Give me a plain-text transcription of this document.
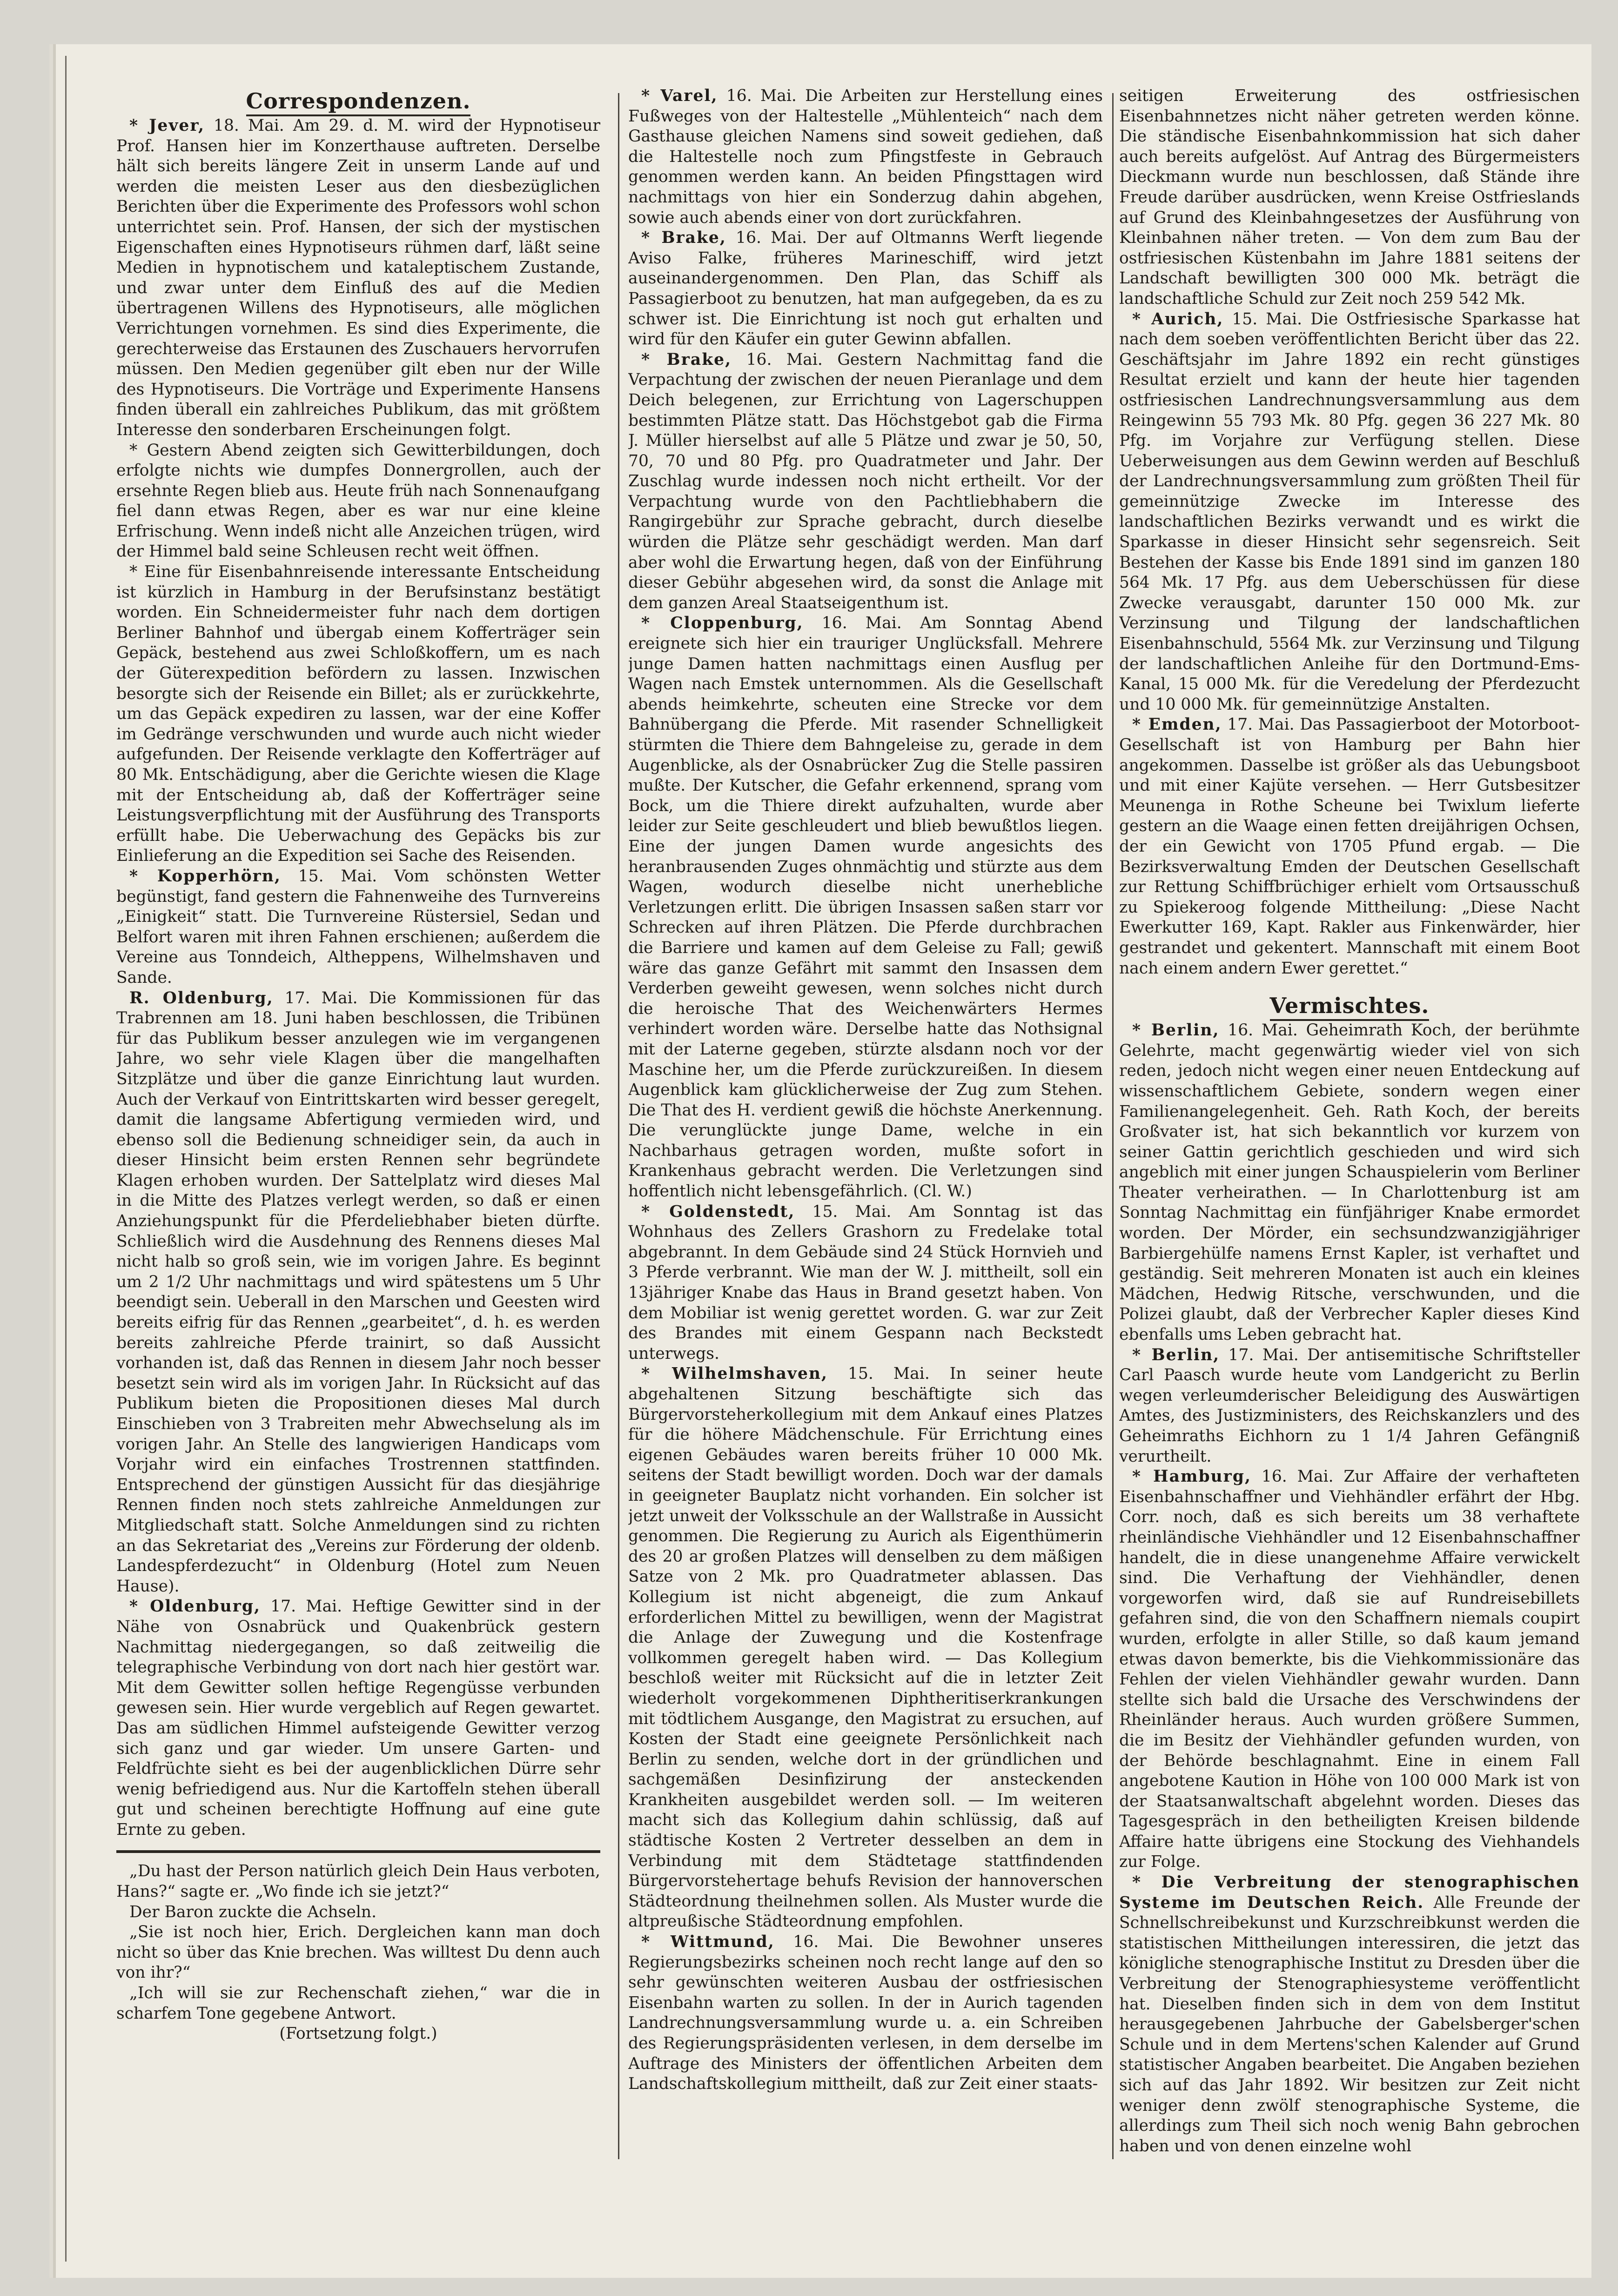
Correspondenzen.

* Jever, 18. Mai. Am 29. d. M. wird der Hypnotiseur Prof. Hansen hier im Konzerthause auftreten. Derselbe hält sich bereits längere Zeit in unserm Lande auf und werden die meisten Leser aus den diesbezüglichen Berichten über die Experimente des Professors wohl schon unterrichtet sein. Prof. Hansen, der sich der mystischen Eigenschaften eines Hypnotiseurs rühmen darf, läßt seine Medien in hypnotischem und kataleptischem Zustande, und zwar unter dem Einfluß des auf die Medien übertragenen Willens des Hypnotiseurs, alle möglichen Verrichtungen vornehmen. Es sind dies Experimente, die gerechterweise das Erstaunen des Zuschauers hervorrufen müssen. Den Medien gegenüber gilt eben nur der Wille des Hypnotiseurs. Die Vorträge und Experimente Hansens finden überall ein zahlreiches Publikum, das mit größtem Interesse den sonderbaren Erscheinungen folgt.

* Gestern Abend zeigten sich Gewitterbildungen, doch erfolgte nichts wie dumpfes Donnergrollen, auch der ersehnte Regen blieb aus. Heute früh nach Sonnenaufgang fiel dann etwas Regen, aber es war nur eine kleine Erfrischung. Wenn indeß nicht alle Anzeichen trügen, wird der Himmel bald seine Schleusen recht weit öffnen.

* Eine für Eisenbahnreisende interessante Entscheidung ist kürzlich in Hamburg in der Berufsinstanz bestätigt worden. Ein Schneidermeister fuhr nach dem dortigen Berliner Bahnhof und übergab einem Kofferträger sein Gepäck, bestehend aus zwei Schloßkoffern, um es nach der Güterexpedition befördern zu lassen. Inzwischen besorgte sich der Reisende ein Billet; als er zurückkehrte, um das Gepäck expediren zu lassen, war der eine Koffer im Gedränge verschwunden und wurde auch nicht wieder aufgefunden. Der Reisende verklagte den Kofferträger auf 80 Mk. Entschädigung, aber die Gerichte wiesen die Klage mit der Entscheidung ab, daß der Kofferträger seine Leistungsverpflichtung mit der Ausführung des Transports erfüllt habe. Die Ueberwachung des Gepäcks bis zur Einlieferung an die Expedition sei Sache des Reisenden.

* Kopperhörn, 15. Mai. Vom schönsten Wetter begünstigt, fand gestern die Fahnenweihe des Turnvereins „Einigkeit“ statt. Die Turnvereine Rüstersiel, Sedan und Belfort waren mit ihren Fahnen erschienen; außerdem die Vereine aus Tonndeich, Altheppens, Wilhelmshaven und Sande.

R. Oldenburg, 17. Mai. Die Kommissionen für das Trabrennen am 18. Juni haben beschlossen, die Tribünen für das Publikum besser anzulegen wie im vergangenen Jahre, wo sehr viele Klagen über die mangelhaften Sitzplätze und über die ganze Einrichtung laut wurden. Auch der Verkauf von Eintrittskarten wird besser geregelt, damit die langsame Abfertigung vermieden wird, und ebenso soll die Bedienung schneidiger sein, da auch in dieser Hinsicht beim ersten Rennen sehr begründete Klagen erhoben wurden. Der Sattelplatz wird dieses Mal in die Mitte des Platzes verlegt werden, so daß er einen Anziehungspunkt für die Pferdeliebhaber bieten dürfte. Schließlich wird die Ausdehnung des Rennens dieses Mal nicht halb so groß sein, wie im vorigen Jahre. Es beginnt um 2 1/2 Uhr nachmittags und wird spätestens um 5 Uhr beendigt sein. Ueberall in den Marschen und Geesten wird bereits eifrig für das Rennen „gearbeitet“, d. h. es werden bereits zahlreiche Pferde trainirt, so daß Aussicht vorhanden ist, daß das Rennen in diesem Jahr noch besser besetzt sein wird als im vorigen Jahr. In Rücksicht auf das Publikum bieten die Propositionen dieses Mal durch Einschieben von 3 Trabreiten mehr Abwechselung als im vorigen Jahr. An Stelle des langwierigen Handicaps vom Vorjahr wird ein einfaches Trostrennen stattfinden. Entsprechend der günstigen Aussicht für das diesjährige Rennen finden noch stets zahlreiche Anmeldungen zur Mitgliedschaft statt. Solche Anmeldungen sind zu richten an das Sekretariat des „Vereins zur Förderung der oldenb. Landespferdezucht“ in Oldenburg (Hotel zum Neuen Hause).

* Oldenburg, 17. Mai. Heftige Gewitter sind in der Nähe von Osnabrück und Quakenbrück gestern Nachmittag niedergegangen, so daß zeitweilig die telegraphische Verbindung von dort nach hier gestört war. Mit dem Gewitter sollen heftige Regengüsse verbunden gewesen sein. Hier wurde vergeblich auf Regen gewartet. Das am südlichen Himmel aufsteigende Gewitter verzog sich ganz und gar wieder. Um unsere Garten- und Feldfrüchte sieht es bei der augenblicklichen Dürre sehr wenig befriedigend aus. Nur die Kartoffeln stehen überall gut und scheinen berechtigte Hoffnung auf eine gute Ernte zu geben.

„Du hast der Person natürlich gleich Dein Haus verboten, Hans?“ sagte er. „Wo finde ich sie jetzt?“

Der Baron zuckte die Achseln.

„Sie ist noch hier, Erich. Dergleichen kann man doch nicht so über das Knie brechen. Was willtest Du denn auch von ihr?“

„Ich will sie zur Rechenschaft ziehen,“ war die in scharfem Tone gegebene Antwort.

(Fortsetzung folgt.)

* Varel, 16. Mai. Die Arbeiten zur Herstellung eines Fußweges von der Haltestelle „Mühlenteich“ nach dem Gasthause gleichen Namens sind soweit gediehen, daß die Haltestelle noch zum Pfingstfeste in Gebrauch genommen werden kann. An beiden Pfingsttagen wird nachmittags von hier ein Sonderzug dahin abgehen, sowie auch abends einer von dort zurückfahren.

* Brake, 16. Mai. Der auf Oltmanns Werft liegende Aviso Falke, früheres Marineschiff, wird jetzt auseinandergenommen. Den Plan, das Schiff als Passagierboot zu benutzen, hat man aufgegeben, da es zu schwer ist. Die Einrichtung ist noch gut erhalten und wird für den Käufer ein guter Gewinn abfallen.

* Brake, 16. Mai. Gestern Nachmittag fand die Verpachtung der zwischen der neuen Pieranlage und dem Deich belegenen, zur Errichtung von Lagerschuppen bestimmten Plätze statt. Das Höchstgebot gab die Firma J. Müller hierselbst auf alle 5 Plätze und zwar je 50, 50, 70, 70 und 80 Pfg. pro Quadratmeter und Jahr. Der Zuschlag wurde indessen noch nicht ertheilt. Vor der Verpachtung wurde von den Pachtliebhabern die Rangirgebühr zur Sprache gebracht, durch dieselbe würden die Plätze sehr geschädigt werden. Man darf aber wohl die Erwartung hegen, daß von der Einführung dieser Gebühr abgesehen wird, da sonst die Anlage mit dem ganzen Areal Staatseigenthum ist.

* Cloppenburg, 16. Mai. Am Sonntag Abend ereignete sich hier ein trauriger Unglücksfall. Mehrere junge Damen hatten nachmittags einen Ausflug per Wagen nach Emstek unternommen. Als die Gesellschaft abends heimkehrte, scheuten eine Strecke vor dem Bahnübergang die Pferde. Mit rasender Schnelligkeit stürmten die Thiere dem Bahngeleise zu, gerade in dem Augenblicke, als der Osnabrücker Zug die Stelle passiren mußte. Der Kutscher, die Gefahr erkennend, sprang vom Bock, um die Thiere direkt aufzuhalten, wurde aber leider zur Seite geschleudert und blieb bewußtlos liegen. Eine der jungen Damen wurde angesichts des heranbrausenden Zuges ohnmächtig und stürzte aus dem Wagen, wodurch dieselbe nicht unerhebliche Verletzungen erlitt. Die übrigen Insassen saßen starr vor Schrecken auf ihren Plätzen. Die Pferde durchbrachen die Barriere und kamen auf dem Geleise zu Fall; gewiß wäre das ganze Gefährt mit sammt den Insassen dem Verderben geweiht gewesen, wenn solches nicht durch die heroische That des Weichenwärters Hermes verhindert worden wäre. Derselbe hatte das Nothsignal mit der Laterne gegeben, stürzte alsdann noch vor der Maschine her, um die Pferde zurückzureißen. In diesem Augenblick kam glücklicherweise der Zug zum Stehen. Die That des H. verdient gewiß die höchste Anerkennung. Die verunglückte junge Dame, welche in ein Nachbarhaus getragen worden, mußte sofort in Krankenhaus gebracht werden. Die Verletzungen sind hoffentlich nicht lebensgefährlich. (Cl. W.)

* Goldenstedt, 15. Mai. Am Sonntag ist das Wohnhaus des Zellers Grashorn zu Fredelake total abgebrannt. In dem Gebäude sind 24 Stück Hornvieh und 3 Pferde verbrannt. Wie man der W. J. mittheilt, soll ein 13jähriger Knabe das Haus in Brand gesetzt haben. Von dem Mobiliar ist wenig gerettet worden. G. war zur Zeit des Brandes mit einem Gespann nach Beckstedt unterwegs.

* Wilhelmshaven, 15. Mai. In seiner heute abgehaltenen Sitzung beschäftigte sich das Bürgervorsteherkollegium mit dem Ankauf eines Platzes für die höhere Mädchenschule. Für Errichtung eines eigenen Gebäudes waren bereits früher 10 000 Mk. seitens der Stadt bewilligt worden. Doch war der damals in geeigneter Bauplatz nicht vorhanden. Ein solcher ist jetzt unweit der Volksschule an der Wallstraße in Aussicht genommen. Die Regierung zu Aurich als Eigenthümerin des 20 ar großen Platzes will denselben zu dem mäßigen Satze von 2 Mk. pro Quadratmeter ablassen. Das Kollegium ist nicht abgeneigt, die zum Ankauf erforderlichen Mittel zu bewilligen, wenn der Magistrat die Anlage der Zuwegung und die Kostenfrage vollkommen geregelt haben wird. — Das Kollegium beschloß weiter mit Rücksicht auf die in letzter Zeit wiederholt vorgekommenen Diphtheritiserkrankungen mit tödtlichem Ausgange, den Magistrat zu ersuchen, auf Kosten der Stadt eine geeignete Persönlichkeit nach Berlin zu senden, welche dort in der gründlichen und sachgemäßen Desinfizirung der ansteckenden Krankheiten ausgebildet werden soll. — Im weiteren macht sich das Kollegium dahin schlüssig, daß auf städtische Kosten 2 Vertreter desselben an dem in Verbindung mit dem Städtetage stattfindenden Bürgervorstehertage behufs Revision der hannoverschen Städteordnung theilnehmen sollen. Als Muster wurde die altpreußische Städteordnung empfohlen.

* Wittmund, 16. Mai. Die Bewohner unseres Regierungsbezirks scheinen noch recht lange auf den so sehr gewünschten weiteren Ausbau der ostfriesischen Eisenbahn warten zu sollen. In der in Aurich tagenden Landrechnungsversammlung wurde u. a. ein Schreiben des Regierungspräsidenten verlesen, in dem derselbe im Auftrage des Ministers der öffentlichen Arbeiten dem Landschaftskollegium mittheilt, daß zur Zeit einer staats-

seitigen Erweiterung des ostfriesischen Eisenbahnnetzes nicht näher getreten werden könne. Die ständische Eisenbahnkommission hat sich daher auch bereits aufgelöst. Auf Antrag des Bürgermeisters Dieckmann wurde nun beschlossen, daß Stände ihre Freude darüber ausdrücken, wenn Kreise Ostfrieslands auf Grund des Kleinbahngesetzes der Ausführung von Kleinbahnen näher treten. — Von dem zum Bau der ostfriesischen Küstenbahn im Jahre 1881 seitens der Landschaft bewilligten 300 000 Mk. beträgt die landschaftliche Schuld zur Zeit noch 259 542 Mk.

* Aurich, 15. Mai. Die Ostfriesische Sparkasse hat nach dem soeben veröffentlichten Bericht über das 22. Geschäftsjahr im Jahre 1892 ein recht günstiges Resultat erzielt und kann der heute hier tagenden ostfriesischen Landrechnungsversammlung aus dem Reingewinn 55 793 Mk. 80 Pfg. gegen 36 227 Mk. 80 Pfg. im Vorjahre zur Verfügung stellen. Diese Ueberweisungen aus dem Gewinn werden auf Beschluß der Landrechnungsversammlung zum größten Theil für gemeinnützige Zwecke im Interesse des landschaftlichen Bezirks verwandt und es wirkt die Sparkasse in dieser Hinsicht sehr segensreich. Seit Bestehen der Kasse bis Ende 1891 sind im ganzen 180 564 Mk. 17 Pfg. aus dem Ueberschüssen für diese Zwecke verausgabt, darunter 150 000 Mk. zur Verzinsung und Tilgung der landschaftlichen Eisenbahnschuld, 5564 Mk. zur Verzinsung und Tilgung der landschaftlichen Anleihe für den Dortmund-Ems-Kanal, 15 000 Mk. für die Veredelung der Pferdezucht und 10 000 Mk. für gemeinnützige Anstalten.

* Emden, 17. Mai. Das Passagierboot der Motorboot-Gesellschaft ist von Hamburg per Bahn hier angekommen. Dasselbe ist größer als das Uebungsboot und mit einer Kajüte versehen. — Herr Gutsbesitzer Meunenga in Rothe Scheune bei Twixlum lieferte gestern an die Waage einen fetten dreijährigen Ochsen, der ein Gewicht von 1705 Pfund ergab. — Die Bezirksverwaltung Emden der Deutschen Gesellschaft zur Rettung Schiffbrüchiger erhielt vom Ortsausschuß zu Spiekeroog folgende Mittheilung: „Diese Nacht Ewerkutter 169, Kapt. Rakler aus Finkenwärder, hier gestrandet und gekentert. Mannschaft mit einem Boot nach einem andern Ewer gerettet.“

Vermischtes.

* Berlin, 16. Mai. Geheimrath Koch, der berühmte Gelehrte, macht gegenwärtig wieder viel von sich reden, jedoch nicht wegen einer neuen Entdeckung auf wissenschaftlichem Gebiete, sondern wegen einer Familienangelegenheit. Geh. Rath Koch, der bereits Großvater ist, hat sich bekanntlich vor kurzem von seiner Gattin gerichtlich geschieden und wird sich angeblich mit einer jungen Schauspielerin vom Berliner Theater verheirathen. — In Charlottenburg ist am Sonntag Nachmittag ein fünfjähriger Knabe ermordet worden. Der Mörder, ein sechsundzwanzigjähriger Barbiergehülfe namens Ernst Kapler, ist verhaftet und geständig. Seit mehreren Monaten ist auch ein kleines Mädchen, Hedwig Ritsche, verschwunden, und die Polizei glaubt, daß der Verbrecher Kapler dieses Kind ebenfalls ums Leben gebracht hat.

* Berlin, 17. Mai. Der antisemitische Schriftsteller Carl Paasch wurde heute vom Landgericht zu Berlin wegen verleumderischer Beleidigung des Auswärtigen Amtes, des Justizministers, des Reichskanzlers und des Geheimraths Eichhorn zu 1 1/4 Jahren Gefängniß verurtheilt.

* Hamburg, 16. Mai. Zur Affaire der verhafteten Eisenbahnschaffner und Viehhändler erfährt der Hbg. Corr. noch, daß es sich bereits um 38 verhaftete rheinländische Viehhändler und 12 Eisenbahnschaffner handelt, die in diese unangenehme Affaire verwickelt sind. Die Verhaftung der Viehhändler, denen vorgeworfen wird, daß sie auf Rundreisebillets gefahren sind, die von den Schaffnern niemals coupirt wurden, erfolgte in aller Stille, so daß kaum jemand etwas davon bemerkte, bis die Viehkommissionäre das Fehlen der vielen Viehhändler gewahr wurden. Dann stellte sich bald die Ursache des Verschwindens der Rheinländer heraus. Auch wurden größere Summen, die im Besitz der Viehhändler gefunden wurden, von der Behörde beschlagnahmt. Eine in einem Fall angebotene Kaution in Höhe von 100 000 Mark ist von der Staatsanwaltschaft abgelehnt worden. Dieses das Tagesgespräch in den betheiligten Kreisen bildende Affaire hatte übrigens eine Stockung des Viehhandels zur Folge.

* Die Verbreitung der stenographischen Systeme im Deutschen Reich. Alle Freunde der Schnellschreibekunst und Kurzschreibkunst werden die statistischen Mittheilungen interessiren, die jetzt das königliche stenographische Institut zu Dresden über die Verbreitung der Stenographiesysteme veröffentlicht hat. Dieselben finden sich in dem von dem Institut herausgegebenen Jahrbuche der Gabelsberger'schen Schule und in dem Mertens'schen Kalender auf Grund statistischer Angaben bearbeitet. Die Angaben beziehen sich auf das Jahr 1892. Wir besitzen zur Zeit nicht weniger denn zwölf stenographische Systeme, die allerdings zum Theil sich noch wenig Bahn gebrochen haben und von denen einzelne wohl
